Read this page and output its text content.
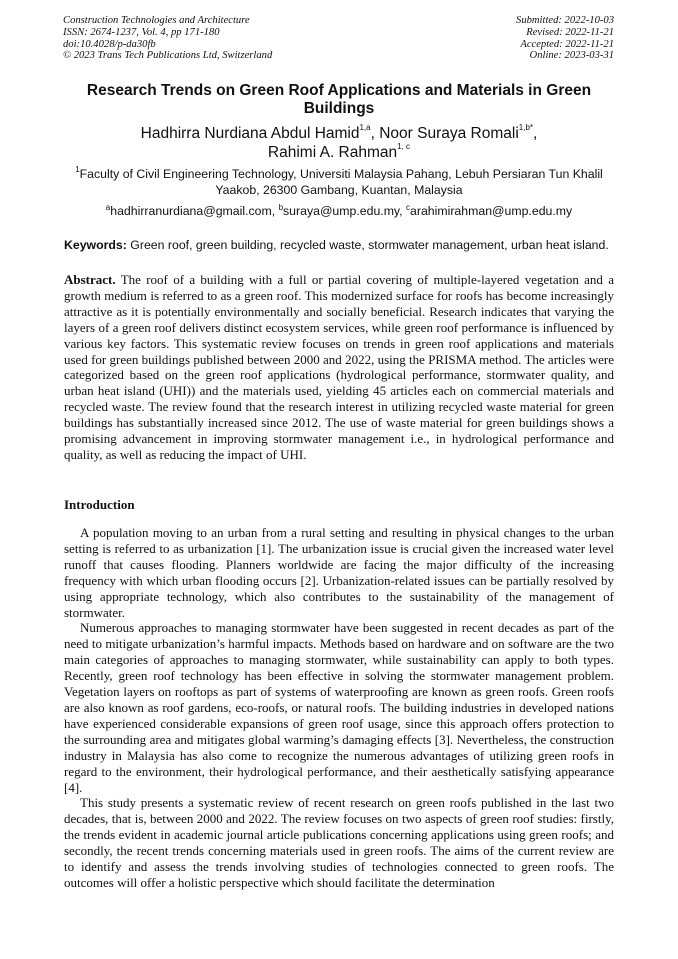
Construction Technologies and Architecture
ISSN: 2674-1237, Vol. 4, pp 171-180
doi:10.4028/p-da30fb
© 2023 Trans Tech Publications Ltd, Switzerland
Submitted: 2022-10-03
Revised: 2022-11-21
Accepted: 2022-11-21
Online: 2023-03-31
Research Trends on Green Roof Applications and Materials in Green Buildings
Hadhirra Nurdiana Abdul Hamid$^{1,a}$, Noor Suraya Romali$^{1,b*}$,
Rahimi A. Rahman$^{1, c}$
$^1$Faculty of Civil Engineering Technology, Universiti Malaysia Pahang, Lebuh Persiaran Tun Khalil Yaakob, 26300 Gambang, Kuantan, Malaysia
$^a$hadhirranurdiana@gmail.com, $^b$suraya@ump.edu.my, $^c$arahimirahman@ump.edu.my
Keywords: Green roof, green building, recycled waste, stormwater management, urban heat island.
Abstract. The roof of a building with a full or partial covering of multiple-layered vegetation and a growth medium is referred to as a green roof. This modernized surface for roofs has become increasingly attractive as it is potentially environmentally and socially beneficial. Research indicates that varying the layers of a green roof delivers distinct ecosystem services, while green roof performance is influenced by various key factors. This systematic review focuses on trends in green roof applications and materials used for green buildings published between 2000 and 2022, using the PRISMA method. The articles were categorized based on the green roof applications (hydrological performance, stormwater quality, and urban heat island (UHI)) and the materials used, yielding 45 articles each on commercial materials and recycled waste. The review found that the research interest in utilizing recycled waste material for green buildings has substantially increased since 2012. The use of waste material for green buildings shows a promising advancement in improving stormwater management i.e., in hydrological performance and quality, as well as reducing the impact of UHI.
Introduction

A population moving to an urban from a rural setting and resulting in physical changes to the urban setting is referred to as urbanization [1]. The urbanization issue is crucial given the increased water level runoff that causes flooding. Planners worldwide are facing the major difficulty of the increasing frequency with which urban flooding occurs [2]. Urbanization-related issues can be partially resolved by using appropriate technology, which also contributes to the sustainability of the management of stormwater.

Numerous approaches to managing stormwater have been suggested in recent decades as part of the need to mitigate urbanization’s harmful impacts. Methods based on hardware and on software are the two main categories of approaches to managing stormwater, while sustainability can apply to both types. Recently, green roof technology has been effective in solving the stormwater management problem. Vegetation layers on rooftops as part of systems of waterproofing are known as green roofs. Green roofs are also known as roof gardens, eco-roofs, or natural roofs. The building industries in developed nations have experienced considerable expansions of green roof usage, since this approach offers protection to the surrounding area and mitigates global warming’s damaging effects [3]. Nevertheless, the construction industry in Malaysia has also come to recognize the numerous advantages of utilizing green roofs in regard to the environment, their hydrological performance, and their aesthetically satisfying appearance [4].

This study presents a systematic review of recent research on green roofs published in the last two decades, that is, between 2000 and 2022. The review focuses on two aspects of green roof studies: firstly, the trends evident in academic journal article publications concerning applications using green roofs; and secondly, the recent trends concerning materials used in green roofs. The aims of the current review are to identify and assess the trends involving studies of technologies connected to green roofs. The outcomes will offer a holistic perspective which should facilitate the determination
